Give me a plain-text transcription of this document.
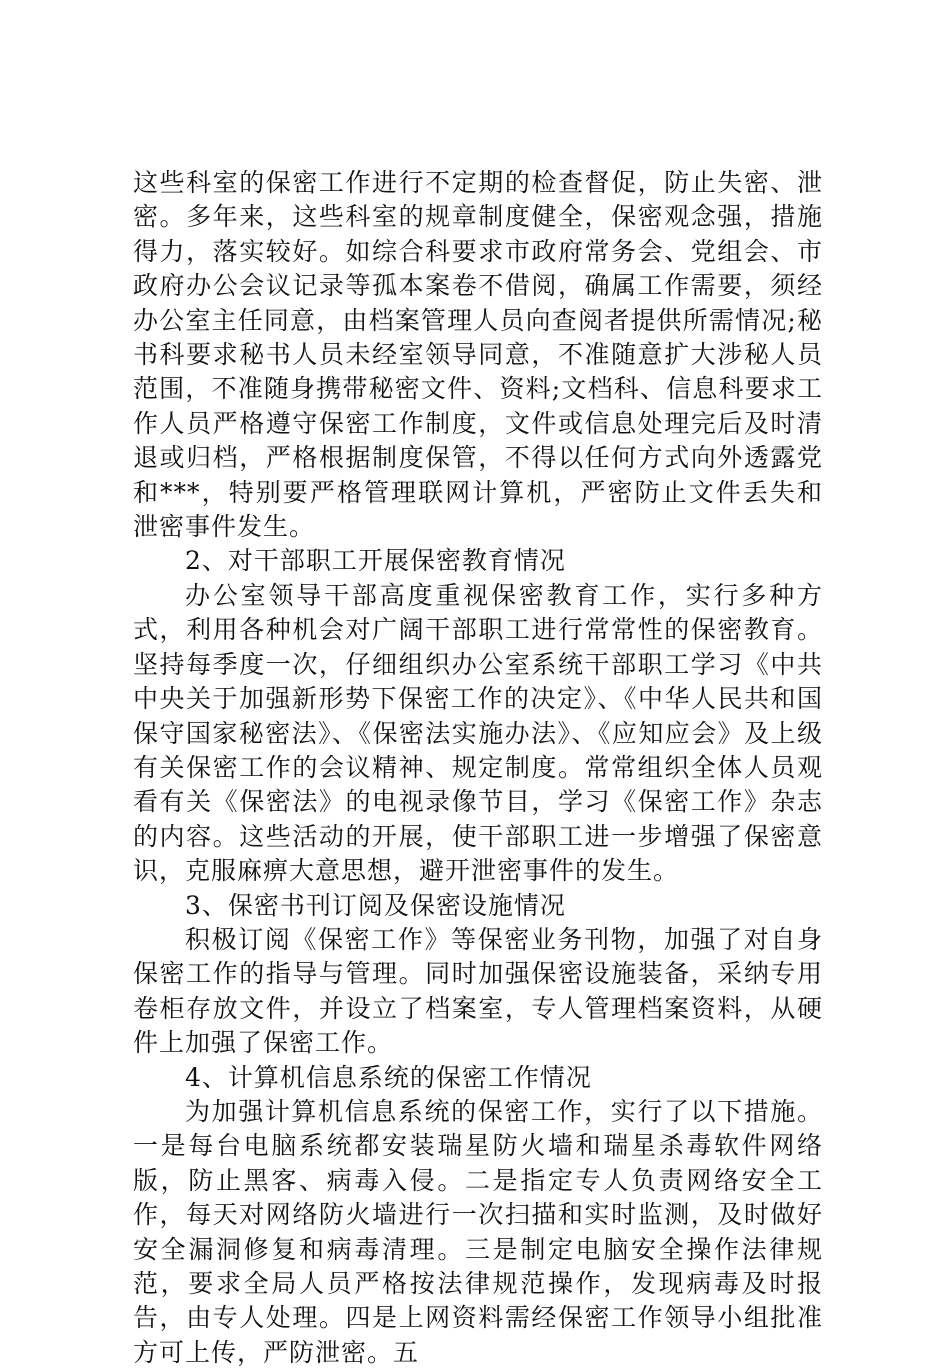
这些科室的保密工作进行不定期的检查督促，防止失密、泄密。多年来，这些科室的规章制度健全，保密观念强，措施得力，落实较好。如综合科要求市政府常务会、党组会、市政府办公会议记录等孤本案卷不借阅，确属工作需要，须经办公室主任同意，由档案管理人员向查阅者提供所需情况;秘书科要求秘书人员未经室领导同意，不准随意扩大涉秘人员范围，不准随身携带秘密文件、资料;文档科、信息科要求工作人员严格遵守保密工作制度，文件或信息处理完后及时清退或归档，严格根据制度保管，不得以任何方式向外透露党和***，特别要严格管理联网计算机，严密防止文件丢失和泄密事件发生。

2、对干部职工开展保密教育情况

办公室领导干部高度重视保密教育工作，实行多种方式，利用各种机会对广阔干部职工进行常常性的保密教育。坚持每季度一次，仔细组织办公室系统干部职工学习《中共中央关于加强新形势下保密工作的决定》、《中华人民共和国保守国家秘密法》、《保密法实施办法》、《应知应会》及上级有关保密工作的会议精神、规定制度。常常组织全体人员观看有关《保密法》的电视录像节目，学习《保密工作》杂志的内容。这些活动的开展，使干部职工进一步增强了保密意识，克服麻痹大意思想，避开泄密事件的发生。

3、保密书刊订阅及保密设施情况

积极订阅《保密工作》等保密业务刊物，加强了对自身保密工作的指导与管理。同时加强保密设施装备，采纳专用卷柜存放文件，并设立了档案室，专人管理档案资料，从硬件上加强了保密工作。

4、计算机信息系统的保密工作情况

为加强计算机信息系统的保密工作，实行了以下措施。一是每台电脑系统都安装瑞星防火墙和瑞星杀毒软件网络版，防止黑客、病毒入侵。二是指定专人负责网络安全工作，每天对网络防火墙进行一次扫描和实时监测，及时做好安全漏洞修复和病毒清理。三是制定电脑安全操作法律规范，要求全局人员严格按法律规范操作，发现病毒及时报告，由专人处理。四是上网资料需经保密工作领导小组批准方可上传，严防泄密。五
